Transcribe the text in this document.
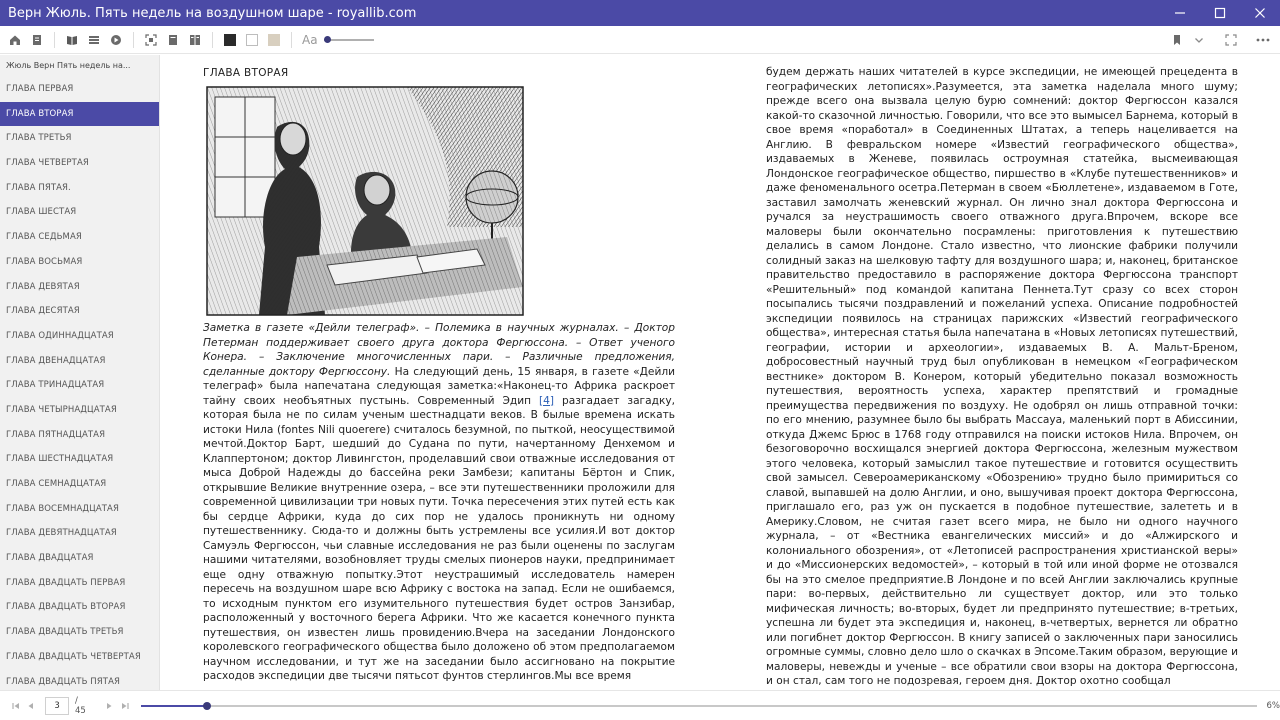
Верн Жюль. Пять недель на воздушном шаре - royallib.com
Aa
Жюль Верн Пять недель на...
ГЛАВА ПЕРВАЯ
ГЛАВА ВТОРАЯ
ГЛАВА ТРЕТЬЯ
ГЛАВА ЧЕТВЕРТАЯ
ГЛАВА ПЯТАЯ.
ГЛАВА ШЕСТАЯ
ГЛАВА СЕДЬМАЯ
ГЛАВА ВОСЬМАЯ
ГЛАВА ДЕВЯТАЯ
ГЛАВА ДЕСЯТАЯ
ГЛАВА ОДИННАДЦАТАЯ
ГЛАВА ДВЕНАДЦАТАЯ
ГЛАВА ТРИНАДЦАТАЯ
ГЛАВА ЧЕТЫРНАДЦАТАЯ
ГЛАВА ПЯТНАДЦАТАЯ
ГЛАВА ШЕСТНАДЦАТАЯ
ГЛАВА СЕМНАДЦАТАЯ
ГЛАВА ВОСЕМНАДЦАТАЯ
ГЛАВА ДЕВЯТНАДЦАТАЯ
ГЛАВА ДВАДЦАТАЯ
ГЛАВА ДВАДЦАТЬ ПЕРВАЯ
ГЛАВА ДВАДЦАТЬ ВТОРАЯ
ГЛАВА ДВАДЦАТЬ ТРЕТЬЯ
ГЛАВА ДВАДЦАТЬ ЧЕТВЕРТАЯ
ГЛАВА ДВАДЦАТЬ ПЯТАЯ
ГЛАВА ВТОРАЯ
Заметка в газете «Дейли телеграф». – Полемика в научных журналах. – Доктор Петерман поддерживает своего друга доктора Фергюссона. – Ответ ученого Конера. – Заключение многочисленных пари. – Различные предложения, сделанные доктору Фергюссону. На следующий день, 15 января, в газете «Дейли телеграф» была напечатана следующая заметка:«Наконец-то Африка раскроет тайну своих необъятных пустынь. Современный Эдип [4] разгадает загадку, которая была не по силам ученым шестнадцати веков. В былые времена искать истоки Нила (fontes Nili quoerere) считалось безумной, по пыткой, неосуществимой мечтой.Доктор Барт, шедший до Судана по пути, начертанному Денхемом и Клаппертоном; доктор Ливингстон, проделавший свои отважные исследования от мыса Доброй Надежды до бассейна реки Замбези; капитаны Бёртон и Спик, открывшие Великие внутренние озера, – все эти путешественники проложили для современной цивилизации три новых пути. Точка пересечения этих путей есть как бы сердце Африки, куда до сих пор не удалось проникнуть ни одному путешественнику. Сюда-то и должны быть устремлены все усилия.И вот доктор Самуэль Фергюссон, чьи славные исследования не раз были оценены по заслугам нашими читателями, возобновляет труды смелых пионеров науки, предпринимает еще одну отважную попытку.Этот неустрашимый исследователь намерен пересечь на воздушном шаре всю Африку с востока на запад. Если не ошибаемся, то исходным пунктом его изумительного путешествия будет остров Занзибар, расположенный у восточного берега Африки. Что же касается конечного пункта путешествия, он известен лишь провидению.Вчера на заседании Лондонского королевского географического общества было доложено об этом предполагаемом научном исследовании, и тут же на заседании было ассигновано на покрытие расходов экспедиции две тысячи пятьсот фунтов стерлингов.Мы все время
будем держать наших читателей в курсе экспедиции, не имеющей прецедента в географических летописях».Разумеется, эта заметка наделала много шуму; прежде всего она вызвала целую бурю сомнений: доктор Фергюссон казался какой-то сказочной личностью. Говорили, что все это вымысел Барнема, который в свое время «поработал» в Соединенных Штатах, а теперь нацеливается на Англию. В февральском номере «Известий географического общества», издаваемых в Женеве, появилась остроумная статейка, высмеивающая Лондонское географическое общество, пиршество в «Клубе путешественников» и даже феноменального осетра.Петерман в своем «Бюллетене», издаваемом в Готе, заставил замолчать женевский журнал. Он лично знал доктора Фергюссона и ручался за неустрашимость своего отважного друга.Впрочем, вскоре все маловеры были окончательно посрамлены: приготовления к путешествию делались в самом Лондоне. Стало известно, что лионские фабрики получили солидный заказ на шелковую тафту для воздушного шара; и, наконец, британское правительство предоставило в распоряжение доктора Фергюссона транспорт «Решительный» под командой капитана Пеннета.Тут сразу со всех сторон посыпались тысячи поздравлений и пожеланий успеха. Описание подробностей экспедиции появилось на страницах парижских «Известий географического общества», интересная статья была напечатана в «Новых летописях путешествий, географии, истории и археологии», издаваемых В. А. Мальт-Бреном, добросовестный научный труд был опубликован в немецком «Географическом вестнике» доктором В. Конером, который убедительно показал возможность путешествия, вероятность успеха, характер препятствий и громадные преимущества передвижения по воздуху. Не одобрял он лишь отправной точки: по его мнению, разумнее было бы выбрать Массауа, маленький порт в Абиссинии, откуда Джемс Брюс в 1768 году отправился на поиски истоков Нила. Впрочем, он безоговорочно восхищался энергией доктора Фергюссона, железным мужеством этого человека, который замыслил такое путешествие и готовится осуществить свой замысел. Североамериканскому «Обозрению» трудно было примириться со славой, выпавшей на долю Англии, и оно, вышучивая проект доктора Фергюссона, приглашало его, раз уж он пускается в подобное путешествие, залететь и в Америку.Словом, не считая газет всего мира, не было ни одного научного журнала, – от «Вестника евангелических миссий» и до «Алжирского и колониального обозрения», от «Летописей распространения христианской веры» и до «Миссионерских ведомостей», – который в той или иной форме не отозвался бы на это смелое предприятие.В Лондоне и по всей Англии заключались крупные пари: во-первых, действительно ли существует доктор, или это только мифическая личность; во-вторых, будет ли предпринято путешествие; в-третьих, успешна ли будет эта экспедиция и, наконец, в-четвертых, вернется ли обратно или погибнет доктор Фергюссон. В книгу записей о заключенных пари заносились огромные суммы, словно дело шло о скачках в Эпсоме.Таким образом, верующие и маловеры, невежды и ученые – все обратили свои взоры на доктора Фергюссона, и он стал, сам того не подозревая, героем дня. Доктор охотно сообщал
3	/ 45	6%
